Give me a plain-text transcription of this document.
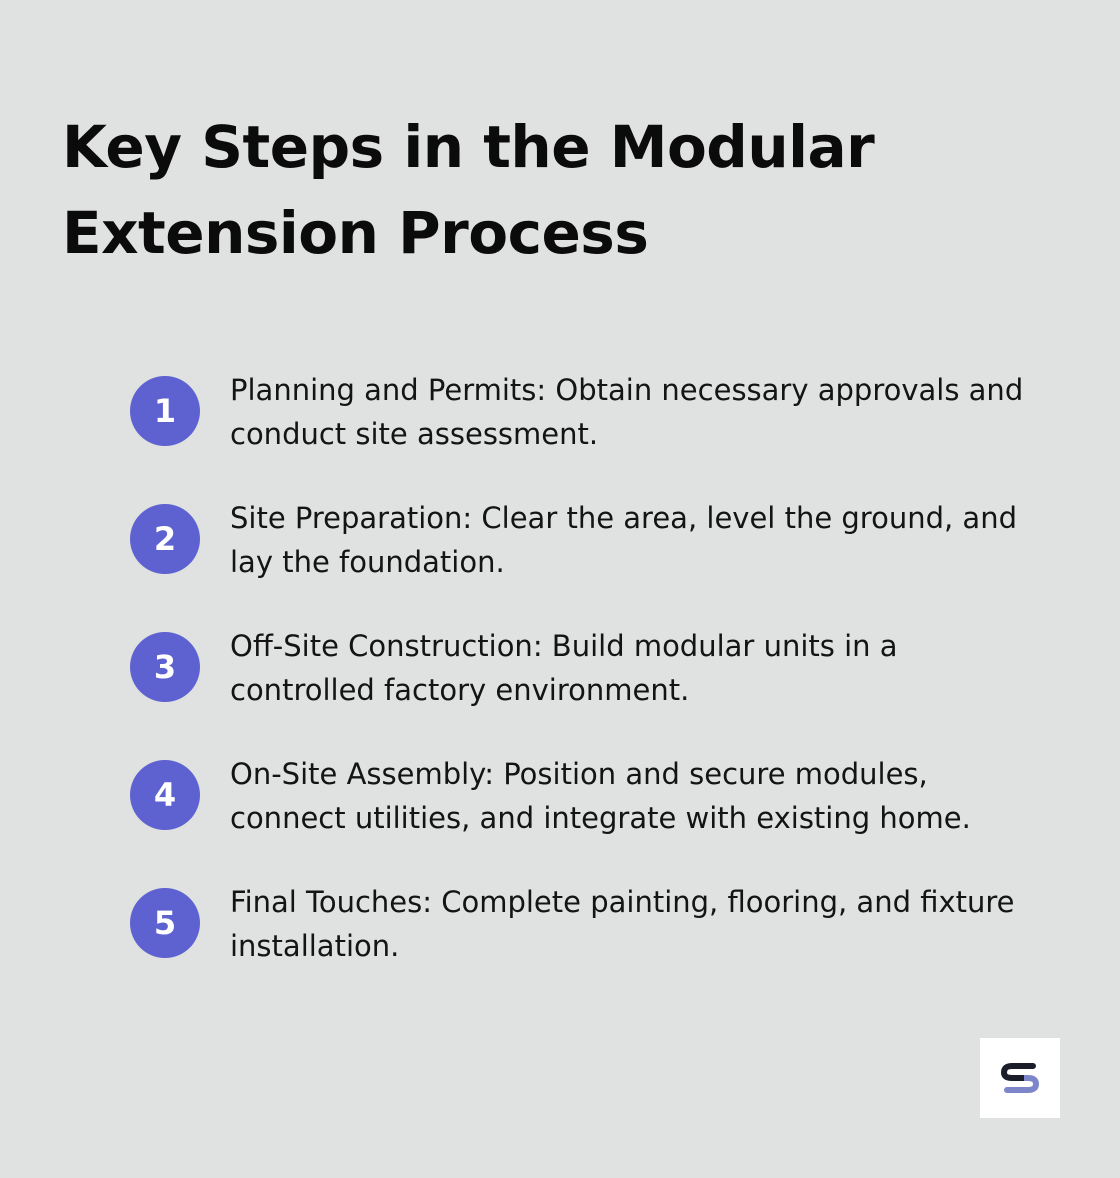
Key Steps in the Modular Extension Process
1

Planning and Permits: Obtain necessary approvals and conduct site assessment.

2

Site Preparation: Clear the area, level the ground, and lay the foundation.

3

Off-Site Construction: Build modular units in a controlled factory environment.

4

On-Site Assembly: Position and secure modules, connect utilities, and integrate with existing home.

5

Final Touches: Complete painting, flooring, and fixture installation.
